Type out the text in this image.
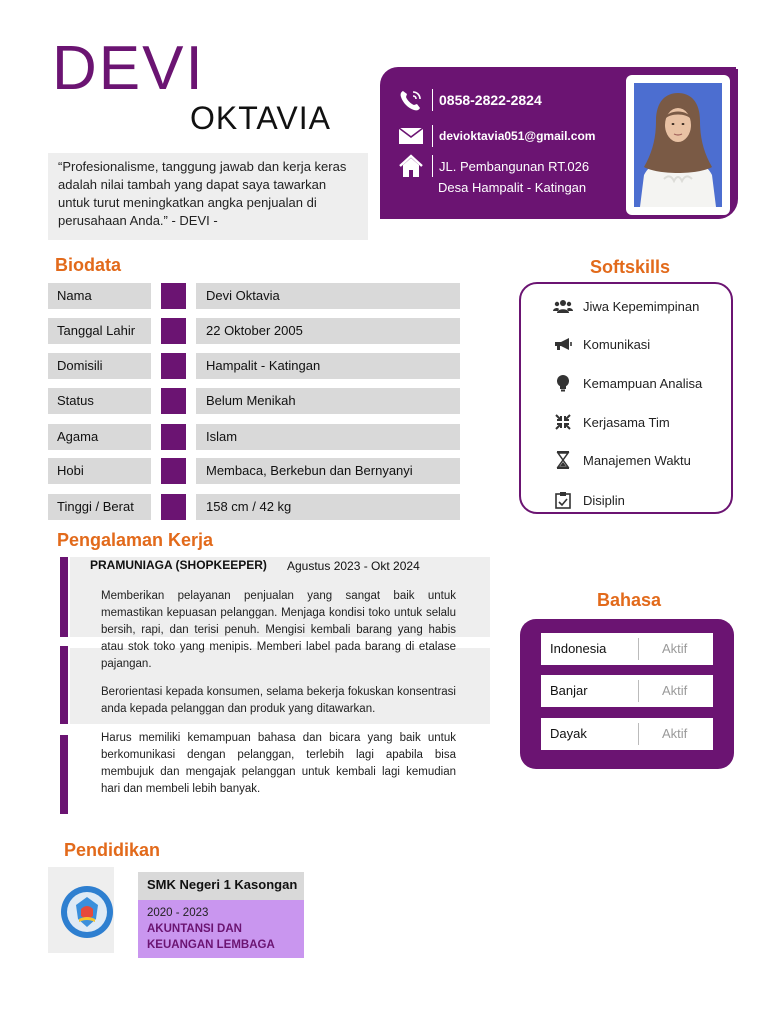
DEVI
OKTAVIA
“Profesionalisme, tanggung jawab dan kerja keras adalah nilai tambah yang dapat saya tawarkan untuk turut meningkatkan angka penjualan di perusahaan Anda.” - DEVI -
0858-2822-2824
devioktavia051@gmail.com
JL. Pembangunan RT.026
Desa Hampalit - Katingan
Biodata
Nama	Devi Oktavia
Tanggal Lahir	22 Oktober 2005
Domisili	Hampalit - Katingan
Status	Belum Menikah
Agama	Islam
Hobi	Membaca, Berkebun dan Bernyanyi
Tinggi / Berat	158 cm / 42 kg
Softskills
Jiwa Kepemimpinan
Komunikasi
Kemampuan Analisa
Kerjasama Tim
Manajemen Waktu
Disiplin
Pengalaman Kerja
PRAMUNIAGA (SHOPKEEPER) Agustus 2023 - Okt 2024
Memberikan pelayanan penjualan yang sangat baik untuk memastikan kepuasan pelanggan. Menjaga kondisi toko untuk selalu bersih, rapi, dan terisi penuh. Mengisi kembali barang yang habis atau stok toko yang menipis. Memberi label pada barang di etalase pajangan.
Berorientasi kepada konsumen, selama bekerja fokuskan konsentrasi anda kepada pelanggan dan produk yang ditawarkan.
Harus memiliki kemampuan bahasa dan bicara yang baik untuk berkomunikasi dengan pelanggan, terlebih lagi apabila bisa membujuk dan mengajak pelanggan untuk kembali lagi kemudian hari dan membeli lebih banyak.
Bahasa
Indonesia	Aktif
Banjar	Aktif
Dayak	Aktif
Pendidikan
SMK Negeri 1 Kasongan
2020 - 2023
AKUNTANSI DAN KEUANGAN LEMBAGA
